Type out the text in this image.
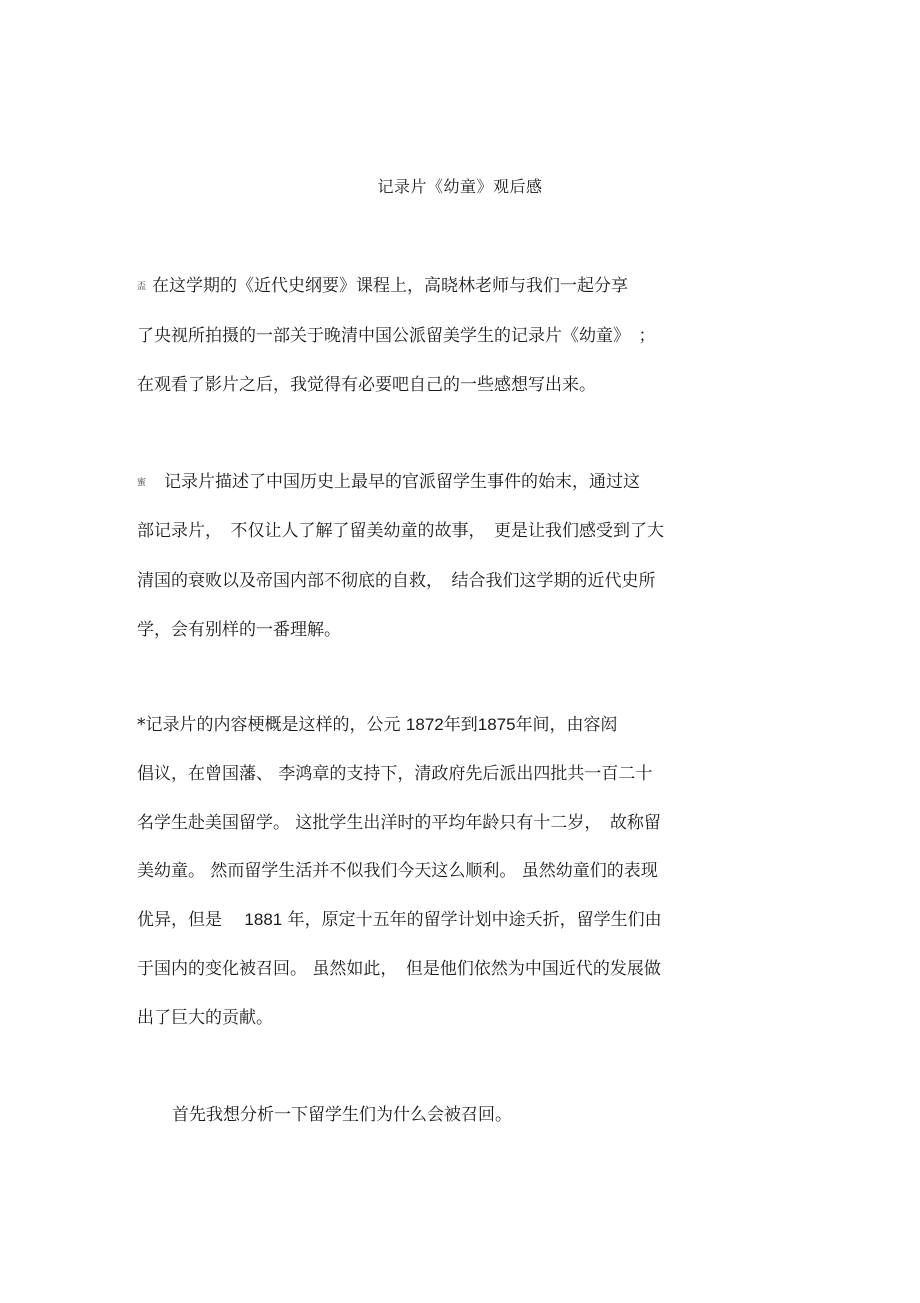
记录片《幼童》观后感
盃 在这学期的《近代史纲要》课程上，高晓林老师与我们一起分享
了央视所拍摄的一部关于晚清中国公派留美学生的记录片《幼童》　；
在观看了影片之后，我觉得有必要吧自己的一些感想写出来。
蜜 记录片描述了中国历史上最早的官派留学生事件的始末，通过这
部记录片，　不仅让人了解了留美幼童的故事，　更是让我们感受到了大
清国的衰败以及帝国内部不彻底的自救，　结合我们这学期的近代史所
学，会有别样的一番理解。
*记录片的内容梗概是这样的，公元 1872年到1875年间，由容闳
倡议，在曾国藩、 李鸿章的支持下，清政府先后派出四批共一百二十
名学生赴美国留学。 这批学生出洋时的平均年龄只有十二岁，　故称留
美幼童。 然而留学生活并不似我们今天这么顺利。 虽然幼童们的表现
优异，但是　 1881 年，原定十五年的留学计划中途夭折，留学生们由
于国内的变化被召回。 虽然如此，　但是他们依然为中国近代的发展做
出了巨大的贡献。
首先我想分析一下留学生们为什么会被召回。
